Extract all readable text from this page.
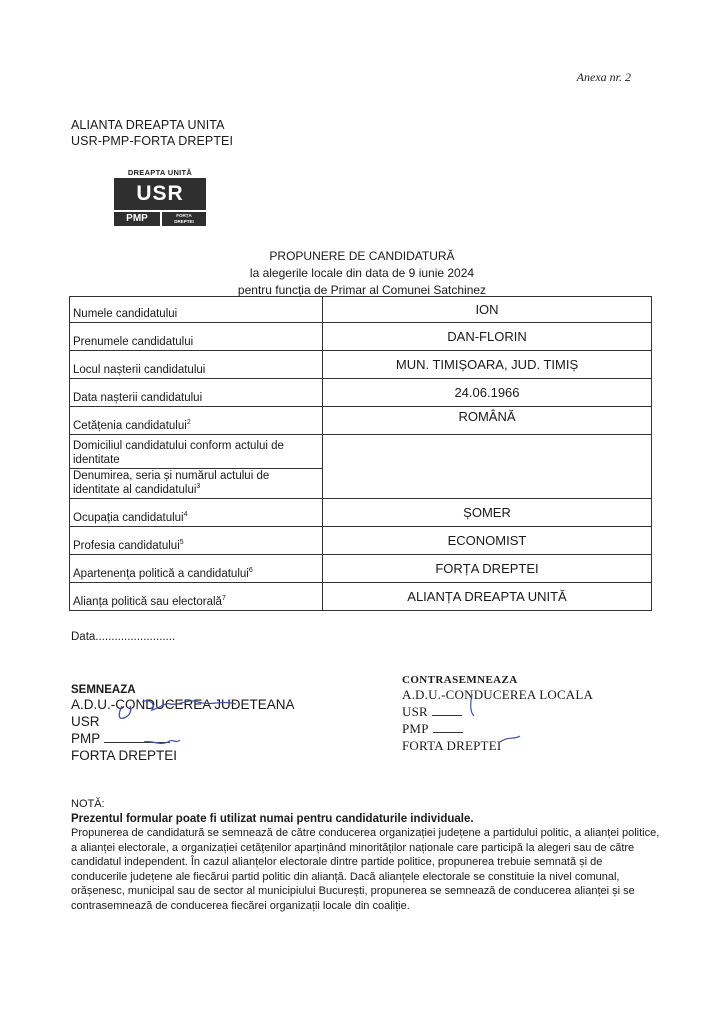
Anexa nr. 2
ALIANTA DREAPTA UNITA
USR-PMP-FORTA DREPTEI
DREAPTA UNITĂ
USR
PMP	FORȚA
DREPTEI
PROPUNERE DE CANDIDATURĂ
la alegerile locale din data de 9 iunie 2024
pentru funcția de Primar al Comunei Satchinez
Numele candidatului	ION
Prenumele candidatului	DAN-FLORIN
Locul nașterii candidatului	MUN. TIMIȘOARA, JUD. TIMIȘ
Data nașterii candidatului	24.06.1966
Cetățenia candidatului$^2$	ROMÂNĂ
Domiciliul candidatului conform actului de identitate	
Denumirea, seria și numărul actului de identitate al candidatului$^3$
Ocupația candidatului$^4$	ȘOMER
Profesia candidatului$^5$	ECONOMIST
Apartenența politică a candidatului$^6$	FORȚA DREPTEI
Alianța politică sau electorală$^7$	ALIANȚA DREAPTA UNITĂ
Data.........................
SEMNEAZA
A.D.U.-CONDUCEREA JUDETEANA
USR
PMP
FORTA DREPTEI
CONTRASEMNEAZA
A.D.U.-CONDUCEREA LOCALA
USR
PMP
FORTA DREPTEI
NOTĂ:
Prezentul formular poate fi utilizat numai pentru candidaturile individuale.
Propunerea de candidatură se semnează de către conducerea organizației județene a partidului politic, a alianței politice, a alianței electorale, a organizației cetățenilor aparținând minorităților naționale care participă la alegeri sau de către candidatul independent. În cazul alianțelor electorale dintre partide politice, propunerea trebuie semnată și de conducerile județene ale fiecărui partid politic din alianță. Dacă alianțele electorale se constituie la nivel comunal, orășenesc, municipal sau de sector al municipiului București, propunerea se semnează de conducerea alianței și se contrasemnează de conducerea fiecărei organizații locale din coaliție.
